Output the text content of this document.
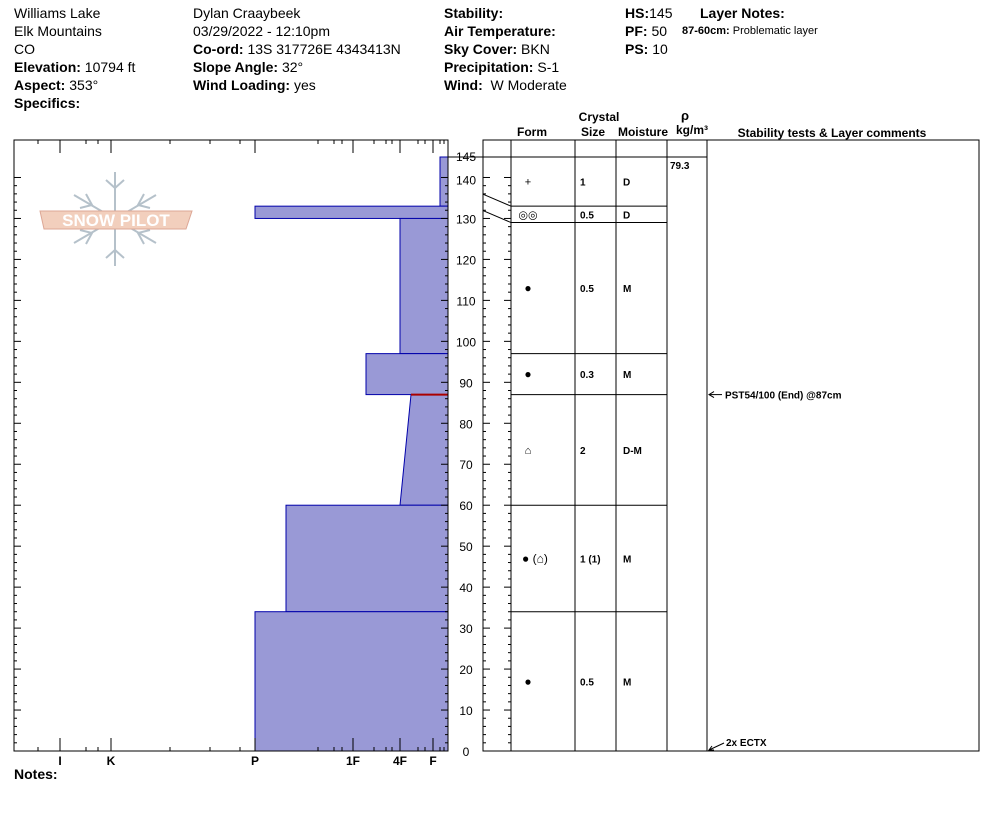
Williams Lake
Elk Mountains
CO
Elevation: 10794 ft
Aspect: 353°
Specifics:
Dylan Craaybeek
03/29/2022 - 12:10pm
Co-ord: 13S 317726E 4343413N
Slope Angle: 32°
Wind Loading: yes
Stability:
Air Temperature:
Sky Cover: BKN
Precipitation: S-1
Wind: W Moderate
HS:145
PF: 50
PS: 10
Layer Notes:
87-60cm: Problematic layer
Notes:
SNOW PILOT
Crystal
Form	Size Moisture
ρ
kg/m³ Stability tests & Layer comments
0
10
20
30
40
50
60
70
80
90
100
110
120
130
140
145
I	K	P	1F	4F F
+	1	D
◎◎	0.5	D
●	0.5	M
●	0.3	M
⌂	2	D-M
● (⌂)	1 (1) M
●	0.5	M
79.3
PST54/100 (End) @87cm
2x ECTX
